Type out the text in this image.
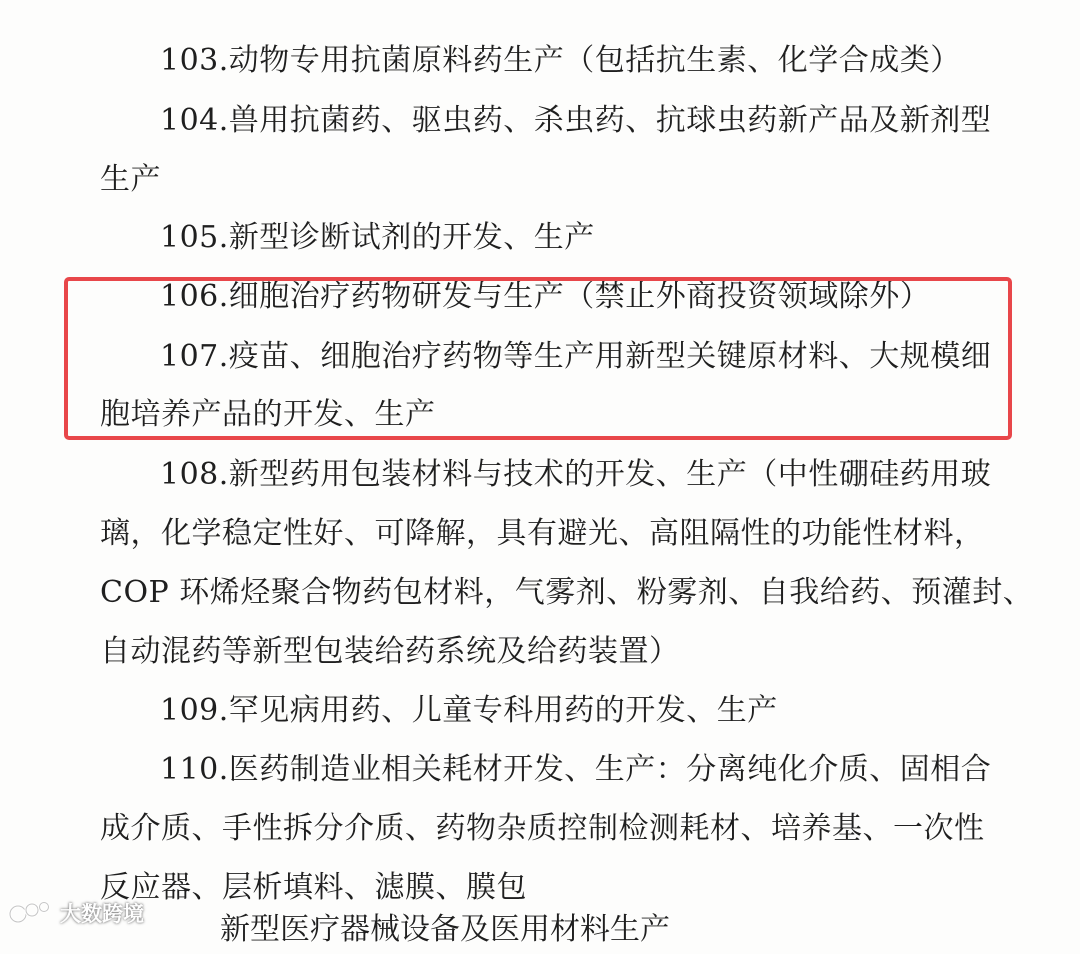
103.动物专用抗菌原料药生产（包括抗生素、化学合成类）
104.兽用抗菌药、驱虫药、杀虫药、抗球虫药新产品及新剂型
生产
105.新型诊断试剂的开发、生产
106.细胞治疗药物研发与生产（禁止外商投资领域除外）
107.疫苗、细胞治疗药物等生产用新型关键原材料、大规模细
胞培养产品的开发、生产
108.新型药用包装材料与技术的开发、生产（中性硼硅药用玻
璃，化学稳定性好、可降解，具有避光、高阻隔性的功能性材料，
COP 环烯烃聚合物药包材料，气雾剂、粉雾剂、自我给药、预灌封、
自动混药等新型包装给药系统及给药装置）
109.罕见病用药、儿童专科用药的开发、生产
110.医药制造业相关耗材开发、生产：分离纯化介质、固相合
成介质、手性拆分介质、药物杂质控制检测耗材、培养基、一次性
反应器、层析填料、滤膜、膜包
新型医疗器械设备及医用材料生产
大数跨境
